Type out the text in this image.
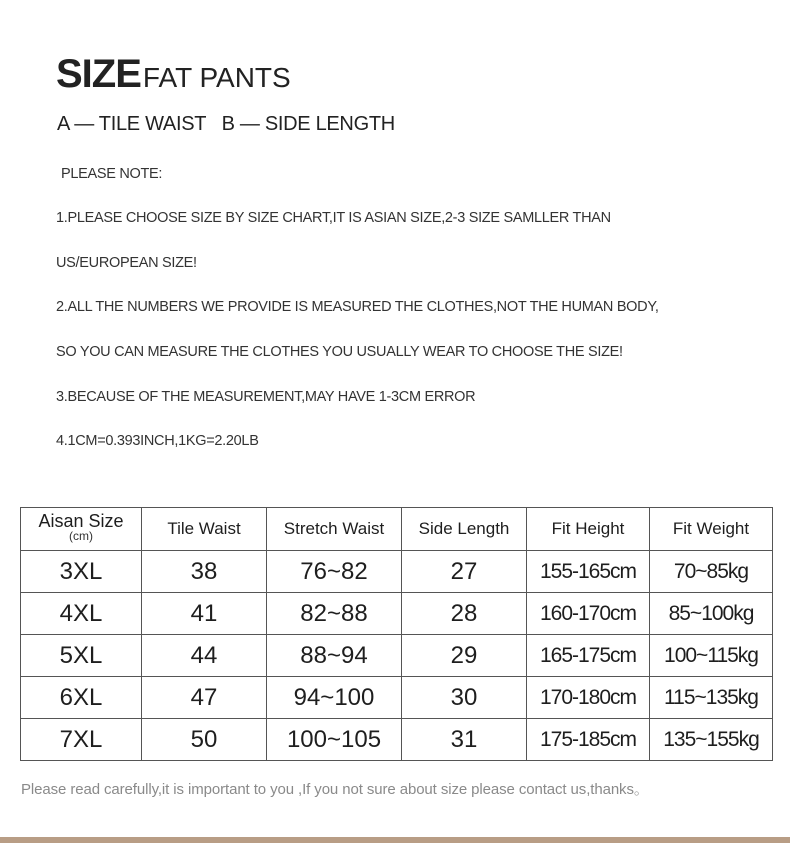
SIZEFAT PANTS
A — TILE WAIST   B — SIDE LENGTH
PLEASE NOTE:
1.PLEASE CHOOSE SIZE BY SIZE CHART,IT IS ASIAN SIZE,2-3 SIZE SAMLLER THAN
US/EUROPEAN SIZE!
2.ALL THE NUMBERS WE PROVIDE IS MEASURED THE CLOTHES,NOT THE HUMAN BODY,
SO YOU CAN MEASURE THE CLOTHES YOU USUALLY WEAR TO CHOOSE THE SIZE!
3.BECAUSE OF THE MEASUREMENT,MAY HAVE 1-3CM ERROR
4.1CM=0.393INCH,1KG=2.20LB
Aisan Size
(cm)	Tile Waist	Stretch Waist	Side Length	Fit Height	Fit Weight
3XL	38	76~82	27	155-165cm	70~85kg
4XL	41	82~88	28	160-170cm	85~100kg
5XL	44	88~94	29	165-175cm	100~115kg
6XL	47	94~100	30	170-180cm	115~135kg
7XL	50	100~105	31	175-185cm	135~155kg
Please read carefully,it is important to you ,If you not sure about size please contact us,thanks。
